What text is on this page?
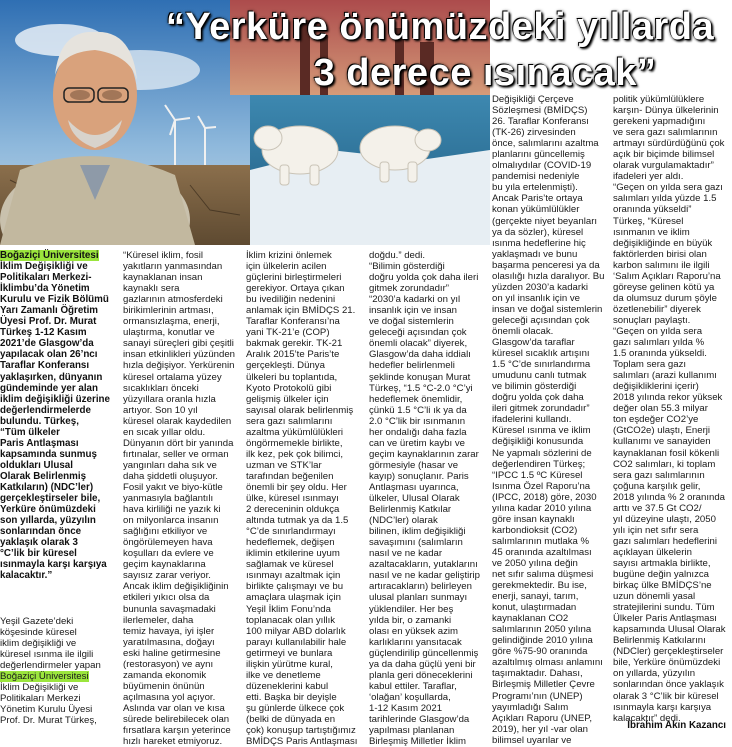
“Yerküre önümüzdeki yıllarda
3 derece ısınacak”
Boğaziçi Üniversitesi
İklim Değişikliği ve
Politikaları Merkezi-
İklimbu’da Yönetim
Kurulu ve Fizik Bölümü
Yarı Zamanlı Öğretim
Üyesi Prof. Dr. Murat
Türkeş 1-12 Kasım
2021’de Glasgow’da
yapılacak olan 26’ncı
Taraflar Konferansı
yaklaşırken, dünyanın
gündeminde yer alan
iklim değişikliği üzerine
değerlendirmelerde
bulundu. Türkeş,
“Tüm ülkeler
Paris Antlaşması
kapsamında sunmuş
oldukları Ulusal
Olarak Belirlenmiş
Katkıların) (NDC’ler)
gerçekleştirseler bile,
Yerküre önümüzdeki
son yıllarda, yüzyılın
sonlarından önce
yaklaşık olarak 3
°C’lik bir küresel
ısınmayla karşı karşıya
kalacaktır.”
Yeşil Gazete’deki
köşesinde küresel
iklim değişikliği ve
küresel ısınma ile ilgili
değerlendirmeler yapan
Boğaziçi Üniversitesi
İklim Değişikliği ve
Politikaları Merkezi
Yönetim Kurulu Üyesi
Prof. Dr. Murat Türkeş,
“Küresel iklim, fosil
yakıtların yanmasından
kaynaklanan insan
kaynaklı sera
gazlarının atmosferdeki
birikimlerinin artması,
ormansızlaşma, enerji,
ulaştırma, konutlar ve
sanayi süreçleri gibi çeşitli
insan etkinlikleri yüzünden
hızla değişiyor. Yerkürenin
küresel ortalama yüzey
sıcaklıkları önceki
yüzyıllara oranla hızla
artıyor. Son 10 yıl
küresel olarak kaydedilen
en sıcak yıllar oldu.
Dünyanın dört bir yanında
fırtınalar, seller ve orman
yangınları daha sık ve
daha şiddetli oluşuyor.
Fosil yakıt ve biyo-kütle
yanmasıyla bağlantılı
hava kirliliği ne yazık ki
on milyonlarca insanın
sağlığını etkiliyor ve
öngörülemeyen hava
koşulları da evlere ve
geçim kaynaklarına
sayısız zarar veriyor.
Ancak iklim değişikliğinin
etkileri yıkıcı olsa da
bununla savaşmadaki
ilerlemeler, daha
temiz havaya, iyi işler
yaratılmasına, doğayı
eski haline getirmesine
(restorasyon) ve aynı
zamanda ekonomik
büyümenin önünün
açılmasına yol açıyor.
Aslında var olan ve kısa
sürede belirebilecek olan
fırsatlara karşın yeterince
hızlı hareket etmiyoruz.
İklim krizini önlemek
için ülkelerin acilen
güçlerini birleştirmeleri
gerekiyor. Ortaya çıkan
bu ivediliğin nedenini
anlamak için BMİDÇS 21.
Taraflar Konferansı’na
yani TK-21’e (COP)
bakmak gerekir. TK-21
Aralık 2015’te Paris’te
gerçekleşti. Dünya
ülkeleri bu toplantıda,
Kyoto Protokolü gibi
gelişmiş ülkeler için
sayısal olarak belirlenmiş
sera gazı salımlarını
azaltma yükümlülükleri
öngörmemekle birlikte,
ilk kez, pek çok bilimci,
uzman ve STK’lar
tarafından beğenilen
önemli bir şey oldu. Her
ülke, küresel ısınmayı
2 dereceninin oldukça
altında tutmak ya da 1.5
°C’de sınırlandırmayı
hedeflemek, değişen
iklimin etkilerine uyum
sağlamak ve küresel
ısınmayı azaltmak için
birlikte çalışmayı ve bu
amaçlara ulaşmak için
Yeşil İklim Fonu’nda
toplanacak olan yıllık
100 milyar ABD dolarlık
parayı kullanılabilir hale
getirmeyi ve bunlara
ilişkin yürütme kural,
ilke ve denetleme
düzeneklerini kabul
etti. Başka bir deyişle
şu günlerde ülkece çok
(belki de dünyada en
çok) konuşup tartıştığımız
BMİDÇS Paris Antlaşması
doğdu.” dedi.
“Bilimin gösterdiği
doğru yolda çok daha ileri
gitmek zorundadır”
“2030’a kadarki on yıl
insanlık için ve insan
ve doğal sistemlerin
geleceği açısından çok
önemli olacak” diyerek,
Glasgow’da daha iddialı
hedefler belirlenmeli
şeklinde konuşan Murat
Türkeş, “1.5 °C-2.0 °C’yi
hedeflemek önemlidir,
çünkü 1.5 °C’li ık ya da
2.0 °C’lik bir ısınmanın
her ondalığı daha fazla
can ve üretim kaybı ve
geçim kaynaklarının zarar
görmesiyle (hasar ve
kayıp) sonuçlanır. Paris
Antlaşması uyarınca,
ülkeler, Ulusal Olarak
Belirlenmiş Katkılar
(NDC’ler) olarak
bilinen, iklim değişikliği
savaşımını (salımların
nasıl ve ne kadar
azaltacakların, yutaklarını
nasıl ve ne kadar geliştirip
artıracakların) belirleyen
ulusal planları sunmayı
yüklendiler. Her beş
yılda bir, o zamanki
olası en yüksek azim
karlıklarını yansıtacak
güçlendirilip güncellenmiş
ya da daha güçlü yeni bir
planla geri döneceklerini
kabul ettiler. Taraflar,
‘olağan’ koşullarda,
1-12 Kasım 2021
tarihlerinde Glasgow’da
yapılması planlanan
Birleşmiş Milletler İklim
Değişikliği Çerçeve
Sözleşmesi (BMİDÇS)
26. Taraflar Konferansı
(TK-26) zirvesinden
önce, salımlarını azaltma
planlarını güncellemiş
olmalıydılar (COVID-19
pandemisi nedeniyle
bu yıla ertelenmişti).
Ancak Paris’te ortaya
konan yükümlülükler
(gerçekte niyet beyanları
ya da sözler), küresel
ısınma hedeflerine hiç
yaklaşmadı ve bunu
başarma penceresi ya da
olasılığı hızla daralıyor. Bu
yüzden 2030’a kadarki
on yıl insanlık için ve
insan ve doğal sistemlerin
geleceği açısından çok
önemli olacak.
Glasgow’da taraflar
küresel sıcaklık artışını
1.5 °C’de sınırlandırma
umudunu canlı tutmak
ve bilimin gösterdiği
doğru yolda çok daha
ileri gitmek zorundadır”
ifadelerini kullandı.
Küresel ısınma ve iklim
değişikliği konusunda
Ne yapmalı sözlerini de
değerlendiren Türkeş;
“IPCC 1.5 ºC Küresel
Isınma Özel Raporu’na
(IPCC, 2018) göre, 2030
yılına kadar 2010 yılına
göre insan kaynaklı
karbondioksit (CO2)
salımlarının mutlaka %
45 oranında azaltılması
ve 2050 yılına değin
net sıfır salıma düşmesi
gerekmektedir. Bu ise,
enerji, sanayi, tarım,
konut, ulaştırmadan
kaynaklanan CO2
salımlarının 2050 yılına
gelindiğinde 2010 yılına
göre %75-90 oranında
azaltılmış olması anlamını
taşımaktadır. Dahası,
Birleşmiş Milletler Çevre
Programı’nın (UNEP)
yayımladığı Salım
Açıkları Raporu (UNEP,
2019), her yıl -var olan
bilimsel uyarılar ve
politik yükümlülüklere
karşın- Dünya ülkelerinin
gerekeni yapmadığını
ve sera gazı salımlarının
artmayı sürdürdüğünü çok
açık bir biçimde bilimsel
olarak vurgulamaktadır”
ifadeleri yer aldı.
“Geçen on yılda sera gazı
salımları yılda yüzde 1.5
oranında yükseldi”
Türkeş, “Küresel
ısınmanın ve iklim
değişikliğinde en büyük
faktörlerden birisi olan
karbon salımını ile ilgili
‘Salım Açıkları Raporu’na
göreyse gelinen kötü ya
da olumsuz durum şöyle
özetlenebilir” diyerek
sonuçları paylaştı.
“Geçen on yılda sera
gazı salımları yılda %
1.5 oranında yükseldi.
Toplam sera gazı
salımları (arazi kullanımı
değişikliklerini içerir)
2018 yılında rekor yüksek
değer olan 55.3 milyar
ton eşdeğer CO2’ye
(GtCO2e) ulaştı, Enerji
kullanımı ve sanayiden
kaynaklanan fosil kökenli
CO2 salımları, ki toplam
sera gazı salımlarının
çoğuna karşılık gelir,
2018 yılında % 2 oranında
arttı ve 37.5 Gt CO2/
yıl düzeyine ulaştı, 2050
yılı için net sıfır sera
gazı salımları hedeflerini
açıklayan ülkelerin
sayısı artmakla birlikte,
bugüne değin yalnızca
birkaç ülke BMİDÇS’ne
uzun dönemli yasal
stratejilerini sundu. Tüm
Ülkeler Paris Antlaşması
kapsamında Ulusal Olarak
Belirlenmiş Katkılarını
(NDCler) gerçekleştirseler
bile, Yerküre önümüzdeki
on yıllarda, yüzyılın
sonlarından önce yaklaşık
olarak 3 °C’lik bir küresel
ısınmayla karşı karşıya
kalacaktır” dedi.
İbrahim Akın Kazancı
